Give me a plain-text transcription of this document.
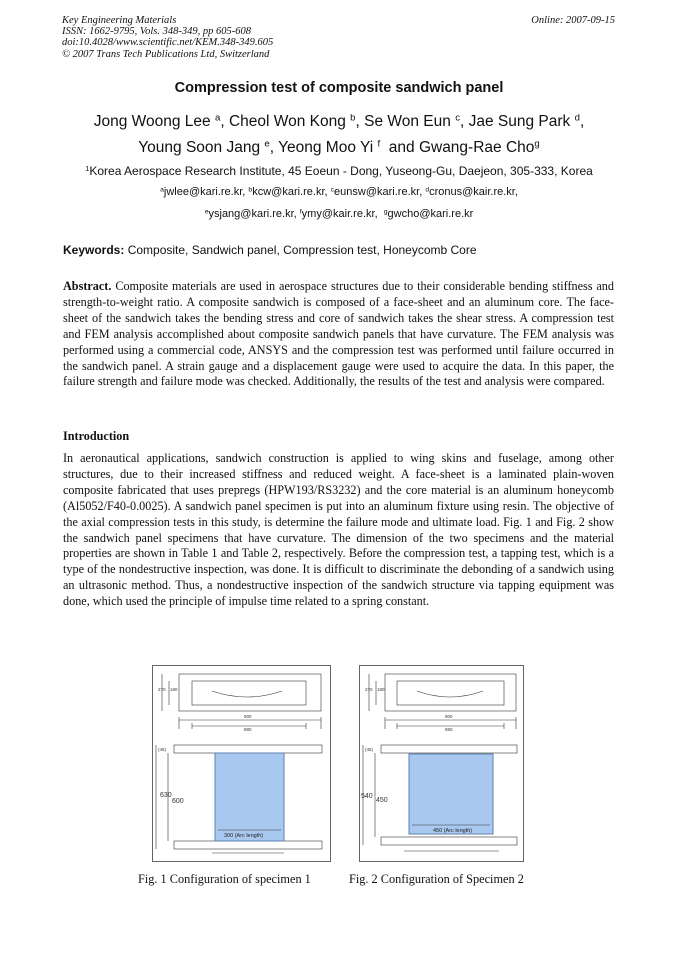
Key Engineering Materials
ISSN: 1662-9795, Vols. 348-349, pp 605-608
doi:10.4028/www.scientific.net/KEM.348-349.605
© 2007 Trans Tech Publications Ltd, Switzerland
Online: 2007-09-15
Compression test of composite sandwich panel
Jong Woong Lee $^a$, Cheol Won Kong $^b$, Se Won Eun $^c$, Jae Sung Park $^d$,
Young Soon Jang $^e$, Yeong Moo Yi $^f$  and Gwang-Rae Cho$^g$
$^1$Korea Aerospace Research Institute, 45 Eoeun - Dong, Yuseong-Gu, Daejeon, 305-333, Korea
$^a$jwlee@kari.re.kr, $^b$kcw@kari.re.kr, $^c$eunsw@kari.re.kr, $^d$cronus@kair.re.kr,
$^e$ysjang@kari.re.kr, $^f$ymy@kair.re.kr,  $^g$gwcho@kari.re.kr
Keywords: Composite, Sandwich panel, Compression test, Honeycomb Core
Abstract. Composite materials are used in aerospace structures due to their considerable bending stiffness and strength-to-weight ratio. A composite sandwich is composed of a face-sheet and an aluminum core. The face-sheet of the sandwich takes the bending stress and core of sandwich takes the shear stress. A compression test and FEM analysis accomplished about composite sandwich panels that have curvature. The FEM analysis was performed using a commercial code, ANSYS and the compression test was performed until failure occurred in the sandwich panel. A strain gauge and a displacement gauge were used to acquire the data. In this paper, the failure strength and failure mode was checked. Additionally, the results of the test and analysis were compared.
Introduction
In aeronautical applications, sandwich construction is applied to wing skins and fuselage, among other structures, due to their increased stiffness and reduced weight. A face-sheet is a laminated plain-woven composite fabricated that uses prepregs (HPW193/RS3232) and the core material is an aluminum honeycomb (Al5052/F40-0.0025). A sandwich panel specimen is put into an aluminum fixture using resin. The objective of the axial compression tests in this study, is determine the failure mode and ultimate load. Fig. 1 and Fig. 2 show the sandwich panel specimens that have curvature. The dimension of the two specimens and the material properties are shown in Table 1 and Table 2, respectively. Before the compression test, a tapping test, which is a type of the nondestructive inspection, was done. It is difficult to discriminate the debonding of a sandwich using an ultrasonic method. Thus, a nondestructive inspection of the sandwich structure via tapping equipment was done, which used the principle of impulse time related to a spring constant.
630
600
300 (Arc length)
270 180
900
880
(45)
540
450
450 (Arc length)
270 180
900
880
(45)
Fig. 1 Configuration of specimen 1	Fig. 2 Configuration of Specimen 2
